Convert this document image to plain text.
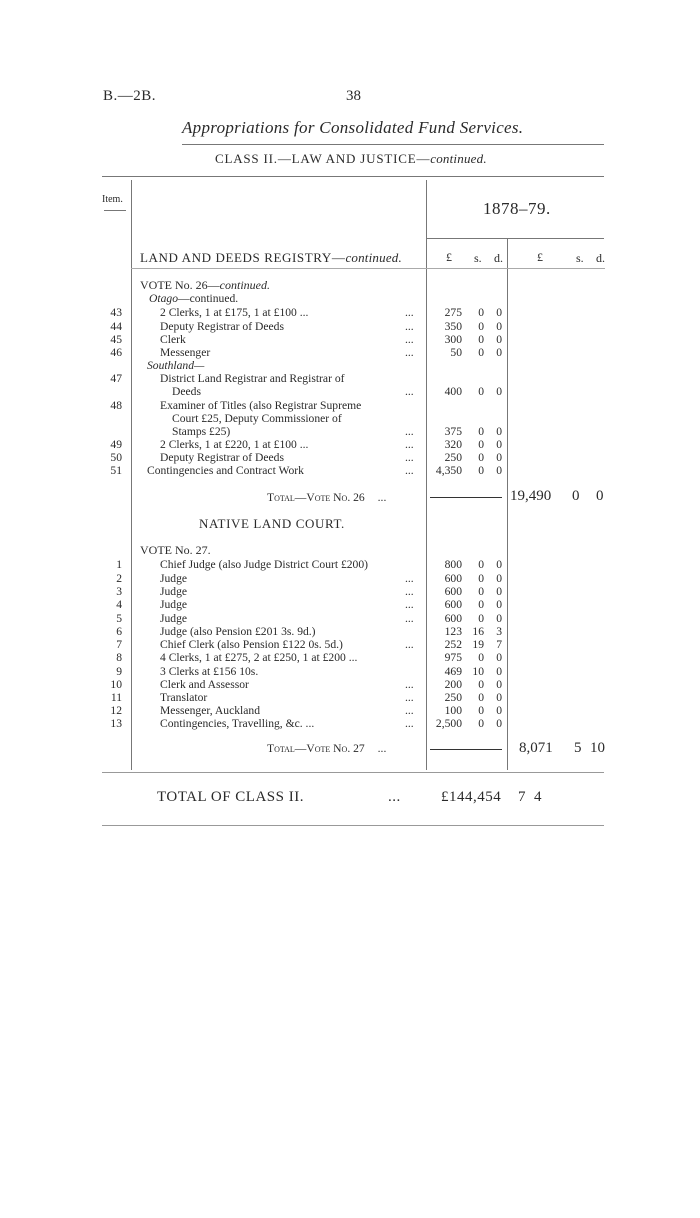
B.—2B.	38
Appropriations for Consolidated Fund Services.
CLASS II.—LAW AND JUSTICE—continued.
Item.	1878–79.
£ s. d.	£	s. d.
LAND AND DEEDS REGISTRY—continued.
VOTE No. 26—continued.
Otago—continued.
43	2 Clerks, 1 at £175, 1 at £100 ...	...	275	0	0
44	Deputy Registrar of Deeds	...	350	0	0
45	Clerk	...	300	0	0
46	Messenger	...	50	0	0
47	District Land Registrar and Registrar of
Deeds	...	400	0	0
48	Examiner of Titles (also Registrar Supreme
Court £25, Deputy Commissioner of
Stamps £25)	...	375	0	0
49	2 Clerks, 1 at £220, 1 at £100 ...	...	320	0	0
50	Deputy Registrar of Deeds	...	250	0	0
51 Contingencies and Contract Work	...	4,350	0	0
Southland—
Total—Vote No. 26 ...	19,490 0 0
NATIVE LAND COURT.
VOTE No. 27.
1	Chief Judge (also Judge District Court £200)	800	0	0
2	Judge	...	600	0	0
3	Judge	...	600	0	0
4	Judge	...	600	0	0
5	Judge	...	600	0	0
6	Judge (also Pension £201 3s. 9d.)	123 16	3
7	Chief Clerk (also Pension £122 0s. 5d.)	...	252 19	7
8	4 Clerks, 1 at £275, 2 at £250, 1 at £200 ...	975	0	0
9	3 Clerks at £156 10s.	469 10	0
10	Clerk and Assessor	...	200	0	0
11	Translator	...	250	0	0
12	Messenger, Auckland	...	100	0	0
13	Contingencies, Travelling, &c. ...	...	2,500	0	0
Total—Vote No. 27 ...	8,071 5 10
TOTAL OF CLASS II.	...	£144,454 7 4
